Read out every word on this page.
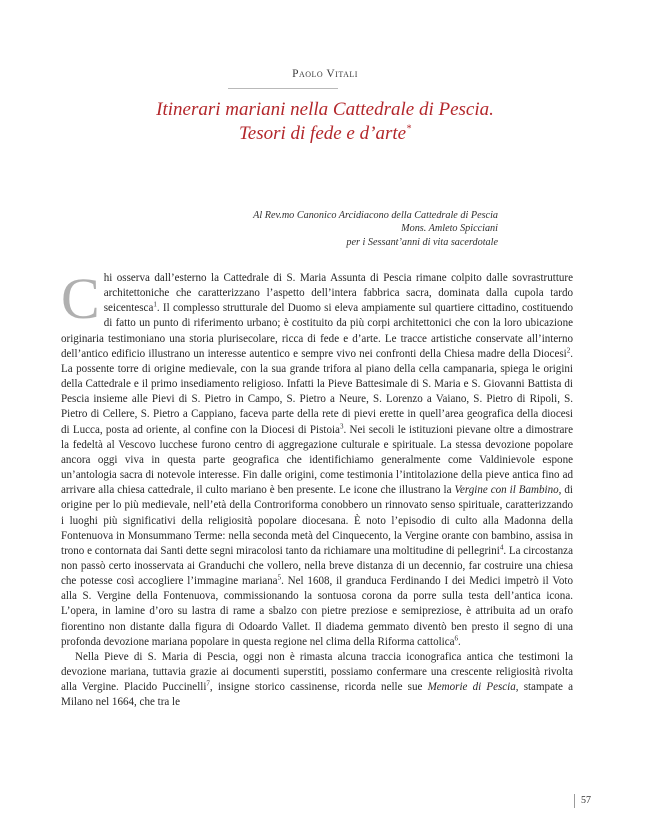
Paolo Vitali
Itinerari mariani nella Cattedrale di Pescia.
Tesori di fede e d’arte*
Al Rev.mo Canonico Arcidiacono della Cattedrale di Pescia
Mons. Amleto Spicciani
per i Sessant’anni di vita sacerdotale

Chi osserva dall’esterno la Cattedrale di S. Maria Assunta di Pescia rimane colpito dalle sovrastrutture architettoniche che caratterizzano l’aspetto dell’intera fabbrica sacra, dominata dalla cupola tardo seicentesca$^1$. Il complesso strutturale del Duomo si eleva ampiamente sul quartiere cittadino, costituendo di fatto un punto di riferimento urbano; è costituito da più corpi architettonici che con la loro ubicazione originaria testimoniano una storia plurisecolare, ricca di fede e d’arte. Le tracce artistiche conservate all’interno dell’antico edificio illustrano un interesse autentico e sempre vivo nei confronti della Chiesa madre della Diocesi$^2$. La possente torre di origine medievale, con la sua grande trifora al piano della cella campanaria, spiega le origini della Cattedrale e il primo insediamento religioso. Infatti la Pieve Battesimale di S. Maria e S. Giovanni Battista di Pescia insieme alle Pievi di S. Pietro in Campo, S. Pietro a Neure, S. Lorenzo a Vaiano, S. Pietro di Ripoli, S. Pietro di Cellere, S. Pietro a Cappiano, faceva parte della rete di pievi erette in quell’area geografica della diocesi di Lucca, posta ad oriente, al confine con la Diocesi di Pistoia$^3$. Nei secoli le istituzioni pievane oltre a dimostrare la fedeltà al Vescovo lucchese furono centro di aggregazione culturale e spirituale. La stessa devozione popolare ancora oggi viva in questa parte geografica che identifichiamo generalmente come Valdinievole espone un’antologia sacra di notevole interesse. Fin dalle origini, come testimonia l’intitolazione della pieve antica fino ad arrivare alla chiesa cattedrale, il culto mariano è ben presente. Le icone che illustrano la Vergine con il Bambino, di origine per lo più medievale, nell’età della Controriforma conobbero un rinnovato senso spirituale, caratterizzando i luoghi più significativi della religiosità popolare diocesana. È noto l’episodio di culto alla Madonna della Fontenuova in Monsummano Terme: nella seconda metà del Cinquecento, la Vergine orante con bambino, assisa in trono e contornata dai Santi dette segni miracolosi tanto da richiamare una moltitudine di pellegrini$^4$. La circostanza non passò certo inosservata ai Granduchi che vollero, nella breve distanza di un decennio, far costruire una chiesa che potesse così accogliere l’immagine mariana$^5$. Nel 1608, il granduca Ferdinando I dei Medici impetrò il Voto alla S. Vergine della Fontenuova, commissionando la sontuosa corona da porre sulla testa dell’antica icona. L’opera, in lamine d’oro su lastra di rame a sbalzo con pietre preziose e semipreziose, è attribuita ad un orafo fiorentino non distante dalla figura di Odoardo Vallet. Il diadema gemmato diventò ben presto il segno di una profonda devozione mariana popolare in questa regione nel clima della Riforma cattolica$^6$.

Nella Pieve di S. Maria di Pescia, oggi non è rimasta alcuna traccia iconografica antica che testimoni la devozione mariana, tuttavia grazie ai documenti superstiti, possiamo confermare una crescente religiosità rivolta alla Vergine. Placido Puccinelli$^7$, insigne storico cassinense, ricorda nelle sue Memorie di Pescia, stampate a Milano nel 1664, che tra le

57
